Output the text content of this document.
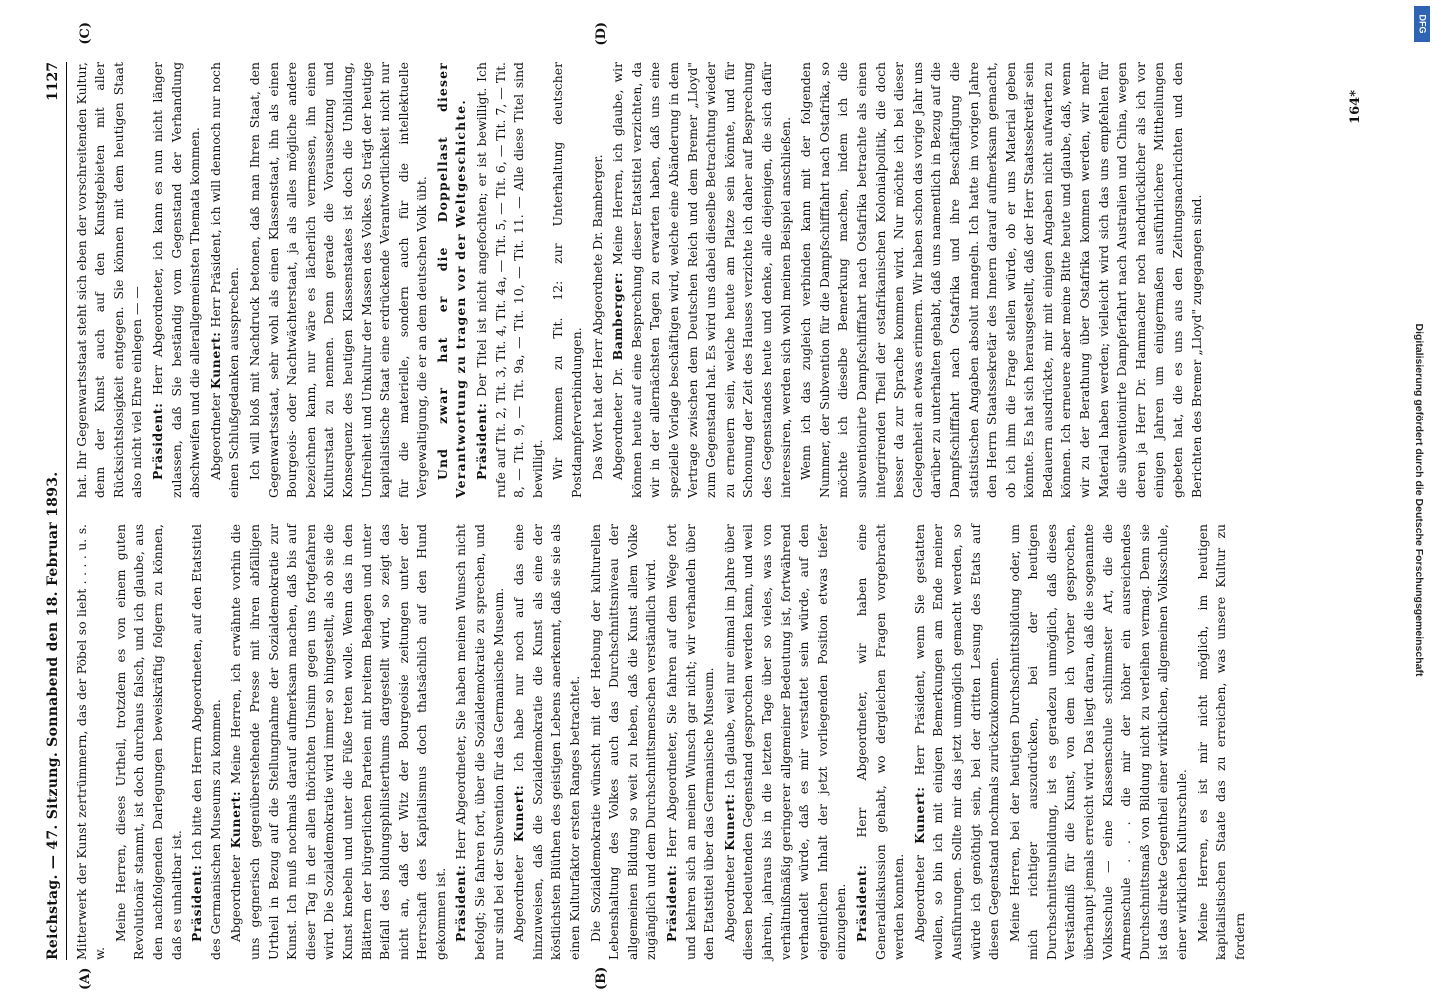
Reichstag. — 47. Sitzung. Sonnabend den 18. Februar 1893.
1127
(A)	(B)
(C)	(D)

Mitterwerk der Kunst zertrümmern, das der Pöbel so liebt . . . . u. s. w.

Meine Herren, dieses Urtheil, trotzdem es von einem guten Revolutionär stammt, ist doch durchaus falsch, und ich glaube, aus den nachfolgenden Darlegungen beweiskräftig folgern zu können, daß es unhaltbar ist. Präsident: Ich bitte den Herrn Abgeordneten, auf den Etatstitel des Germanischen Museums zu kommen. Abgeordneter Kunert: Meine Herren, ich erwähnte vorhin die uns gegnerisch gegenüberstehende Presse mit ihren abfälligen Urtheil in Bezug auf die Stellungnahme der Sozialdemokratie zur Kunst. Ich muß nochmals darauf aufmerksam machen, daß bis auf dieser Tag in der allen thörichten Unsinn gegen uns fortgefahren wird. Die Sozialdemokratie wird immer so hingestellt, als ob sie die Kunst knebeln und unter die Füße treten wolle. Wenn das in den Blättern der bürgerlichen Parteien mit breitem Behagen und unter Beifall des bildungsphilisterthums dargestellt wird, so zeigt das nicht an, daß der Witz der Bourgeoisie zeitungen unter der Herrschaft des Kapitalismus doch thatsächlich auf den Hund gekommen ist. Präsident: Herr Abgeordneter, Sie haben meinen Wunsch nicht befolgt; Sie fahren fort, über die Sozialdemokratie zu sprechen, und nur sind bei der Subvention für das Germanische Museum. Abgeordneter Kunert: Ich habe nur noch auf das eine hinzuweisen, daß die Sozialdemokratie die Kunst als eine der köstlichsten Blüthen des geistigen Lebens anerkennt, daß sie sie als einen Kulturfaktor ersten Ranges betrachtet. Die Sozialdemokratie wünscht mit der Hebung der kulturellen Lebenshaltung des Volkes auch das Durchschnittsniveau der allgemeinen Bildung so weit zu heben, daß die Kunst allem Volke zugänglich und dem Durchschnittsmenschen verständlich wird. Präsident: Herr Abgeordneter, Sie fahren auf dem Wege fort und kehren sich an meinen Wunsch gar nicht; wir verhandeln über den Etatstitel über das Germanische Museum. Abgeordneter Kunert: Ich glaube, weil nur einmal im Jahre über diesen bedeutenden Gegenstand gesprochen werden kann, und weil jahrein, jahraus bis in die letzten Tage über so vieles, was von verhältnißmäßig geringerer allgemeiner Bedeutung ist, fortwährend verhandelt würde, daß es mir verstattet sein würde, auf den eigentlichen Inhalt der jetzt vorliegenden Position etwas tiefer einzugehen. Präsident: Herr Abgeordneter, wir haben eine Generaldiskussion gehabt, wo dergleichen Fragen vorgebracht werden konnten. Abgeordneter Kunert: Herr Präsident, wenn Sie gestatten wollen, so bin ich mit einigen Bemerkungen am Ende meiner Ausführungen. Sollte mir das jetzt unmöglich gemacht werden, so würde ich genöthigt sein, bei der dritten Lesung des Etats auf diesen Gegenstand nochmals zurückzukommen. Meine Herren, bei der heutigen Durchschnittsbildung oder, um mich richtiger auszudrücken, bei der heutigen Durchschnittsunbildung, ist es geradezu unmöglich, daß dieses Verständniß für die Kunst, von dem ich vorher gesprochen, überhaupt jemals erreicht wird. Das liegt daran, daß die sogenannte Volksschule — eine Klassenschule schlimmster Art, die die Armenschule . . . die mir der höher ein ausreichendes Durchschnittsmaß von Bildung nicht zu verleihen vermag. Denn sie ist das direkte Gegentheil einer wirklichen, allgemeinen Volksschule, einer wirklichen Kulturschule. Meine Herren, es ist mir nicht möglich, im heutigen kapitalistischen Staate das zu erreichen, was unsere Kultur zu fordern

hat. Ihr Gegenwartsstaat steht sich eben der vorschreitenden Kultur, denn der Kunst auch auf den Kunstgebieten mit aller Rücksichtslosigkeit entgegen. Sie können mit dem heutigen Staat also nicht viel Ehre einlegen — — Präsident: Herr Abgeordneter, ich kann es nun nicht länger zulassen, daß Sie beständig vom Gegenstand der Verhandlung abschweifen und die allerallgemeinsten Themata kommen. Abgeordneter Kunert: Herr Präsident, ich will dennoch nur noch einen Schlußgedanken aussprechen. Ich will bloß mit Nachdruck betonen, daß man Ihren Staat, den Gegenwartsstaat, sehr wohl als einen Klassenstaat, ihn als einen Bourgeois- oder Nachtwächterstaat, ja als alles mögliche andere bezeichnen kann, nur wäre es lächerlich vermessen, ihn einen Kulturstaat zu nennen. Denn gerade die Voraussetzung und Konsequenz des heutigen Klassenstaates ist doch die Unbildung, Unfreiheit und Unkultur der Massen des Volkes. So trägt der heutige kapitalistische Staat eine erdrückende Verantwortlichkeit nicht nur für die materielle, sondern auch für die intellektuelle Vergewaltigung, die er an dem deutschen Volk übt. Und zwar hat er die Doppellast dieser Verantwortung zu tragen vor der Weltgeschichte. Präsident: Der Titel ist nicht angefochten; er ist bewilligt. Ich rufe auf Tit. 2, Tit. 3, Tit. 4, Tit. 4a, — Tit. 5, — Tit. 6, — Tit. 7, — Tit. 8, — Tit. 9, — Tit. 9a, — Tit. 10, — Tit. 11. — Alle diese Titel sind bewilligt. Wir kommen zu Tit. 12: zur Unterhaltung deutscher Postdampferverbindungen. Das Wort hat der Herr Abgeordnete Dr. Bamberger. Abgeordneter Dr. Bamberger: Meine Herren, ich glaube, wir können heute auf eine Besprechung dieser Etatstitel verzichten, da wir in der allernächsten Tagen zu erwarten haben, daß uns eine spezielle Vorlage beschäftigen wird, welche eine Abänderung in dem Vertrage zwischen dem Deutschen Reich und dem Bremer „Lloyd" zum Gegenstand hat. Es wird uns dabei dieselbe Betrachtung wieder zu erneuern sein, welche heute am Platze sein könnte, und für Schonung der Zeit des Hauses verzichte ich daher auf Besprechung des Gegenstandes heute und denke, alle diejenigen, die sich dafür interessiren, werden sich wohl meinen Beispiel anschließen. Wenn ich das zugleich verbinden kann mit der folgenden Nummer, der Subvention für die Dampfschifffahrt nach Ostafrika, so möchte ich dieselbe Bemerkung machen, indem ich die subventionirte Dampfschifffahrt nach Ostafrika betrachte als einen integrirenden Theil der ostafrikanischen Kolonialpolitik, die doch besser da zur Sprache kommen wird. Nur möchte ich bei dieser Gelegenheit an etwas erinnern. Wir haben schon das vorige Jahr uns darüber zu unterhalten gehabt, daß uns namentlich in Bezug auf die Dampfschifffahrt nach Ostafrika und ihre Beschäftigung die statistischen Angaben absolut mangeln. Ich hatte im vorigen Jahre den Herrn Staatssekretär des Innern darauf aufmerksam gemacht, ob ich ihm die Frage stellen würde, ob er uns Material geben könnte. Es hat sich herausgestellt, daß der Herr Staatssekretär sein Bedauern ausdrückte, mir mit einigen Angaben nicht aufwarten zu können. Ich erneuere aber meine Bitte heute und glaube, daß, wenn wir zu der Berathung über Ostafrika kommen werden, wir mehr Material haben werden; vielleicht wird sich das uns empfehlen für die subventionirte Dampferfahrt nach Australien und China, wegen deren ja Herr Dr. Hammacher noch nachdrücklicher als ich vor einigen Jahren um einigermaßen ausführlichere Mittheilungen gebeten hat, die es uns aus den Zeitungsnachrichten und den Berichten des Bremer „Lloyd" zugegangen sind.

164*
Digitalisierung gefördert durch die Deutsche Forschungsgemeinschaft
DFG
